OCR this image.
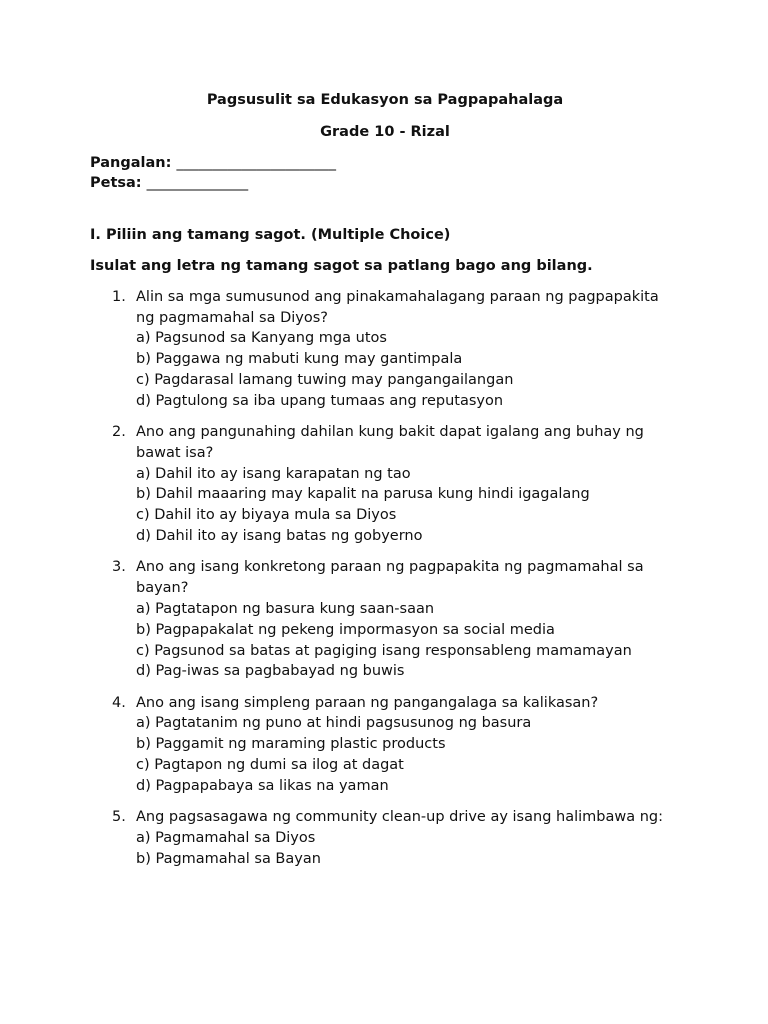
Pagsusulit sa Edukasyon sa Pagpapahalaga
Grade 10 - Rizal
Pangalan: ______________________
Petsa: ______________
I. Piliin ang tamang sagot. (Multiple Choice)
Isulat ang letra ng tamang sagot sa patlang bago ang bilang.
1. Alin sa mga sumusunod ang pinakamahalagang paraan ng pagpapakita ng pagmamahal sa Diyos?
a) Pagsunod sa Kanyang mga utos
b) Paggawa ng mabuti kung may gantimpala
c) Pagdarasal lamang tuwing may pangangailangan
d) Pagtulong sa iba upang tumaas ang reputasyon
2. Ano ang pangunahing dahilan kung bakit dapat igalang ang buhay ng bawat isa?
a) Dahil ito ay isang karapatan ng tao
b) Dahil maaaring may kapalit na parusa kung hindi igagalang
c) Dahil ito ay biyaya mula sa Diyos
d) Dahil ito ay isang batas ng gobyerno
3. Ano ang isang konkretong paraan ng pagpapakita ng pagmamahal sa bayan?
a) Pagtatapon ng basura kung saan-saan
b) Pagpapakalat ng pekeng impormasyon sa social media
c) Pagsunod sa batas at pagiging isang responsableng mamamayan
d) Pag-iwas sa pagbabayad ng buwis
4. Ano ang isang simpleng paraan ng pangangalaga sa kalikasan?
a) Pagtatanim ng puno at hindi pagsusunog ng basura
b) Paggamit ng maraming plastic products
c) Pagtapon ng dumi sa ilog at dagat
d) Pagpapabaya sa likas na yaman
5. Ang pagsasagawa ng community clean-up drive ay isang halimbawa ng:
a) Pagmamahal sa Diyos
b) Pagmamahal sa Bayan
